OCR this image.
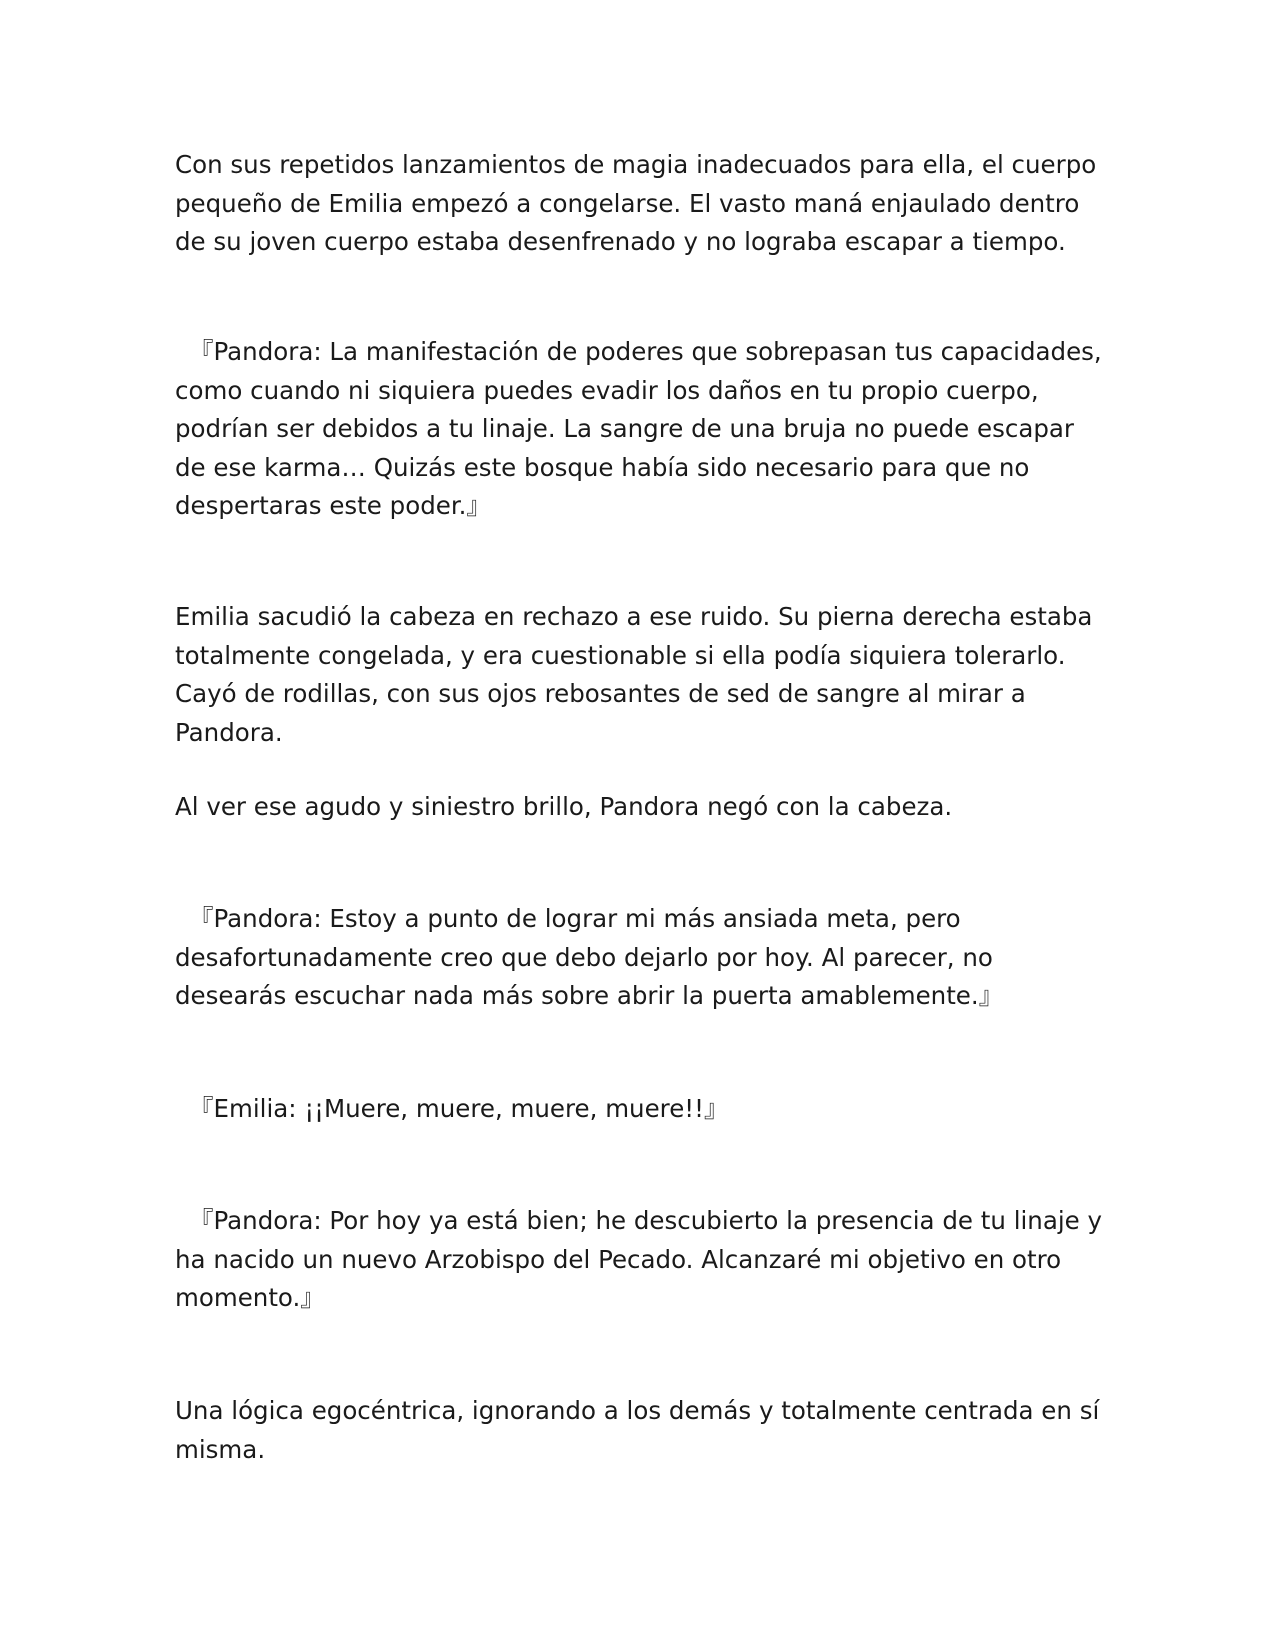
Con sus repetidos lanzamientos de magia inadecuados para ella, el cuerpo pequeño de Emilia empezó a congelarse. El vasto maná enjaulado dentro de su joven cuerpo estaba desenfrenado y no lograba escapar a tiempo.

『Pandora: La manifestación de poderes que sobrepasan tus capacidades, como cuando ni siquiera puedes evadir los daños en tu propio cuerpo, podrían ser debidos a tu linaje. La sangre de una bruja no puede escapar de ese karma… Quizás este bosque había sido necesario para que no despertaras este poder.』

Emilia sacudió la cabeza en rechazo a ese ruido. Su pierna derecha estaba totalmente congelada, y era cuestionable si ella podía siquiera tolerarlo. Cayó de rodillas, con sus ojos rebosantes de sed de sangre al mirar a Pandora.

Al ver ese agudo y siniestro brillo, Pandora negó con la cabeza.

『Pandora: Estoy a punto de lograr mi más ansiada meta, pero desafortunadamente creo que debo dejarlo por hoy. Al parecer, no desearás escuchar nada más sobre abrir la puerta amablemente.』

『Emilia: ¡¡Muere, muere, muere, muere!!』

『Pandora: Por hoy ya está bien; he descubierto la presencia de tu linaje y ha nacido un nuevo Arzobispo del Pecado. Alcanzaré mi objetivo en otro momento.』

Una lógica egocéntrica, ignorando a los demás y totalmente centrada en sí misma.
